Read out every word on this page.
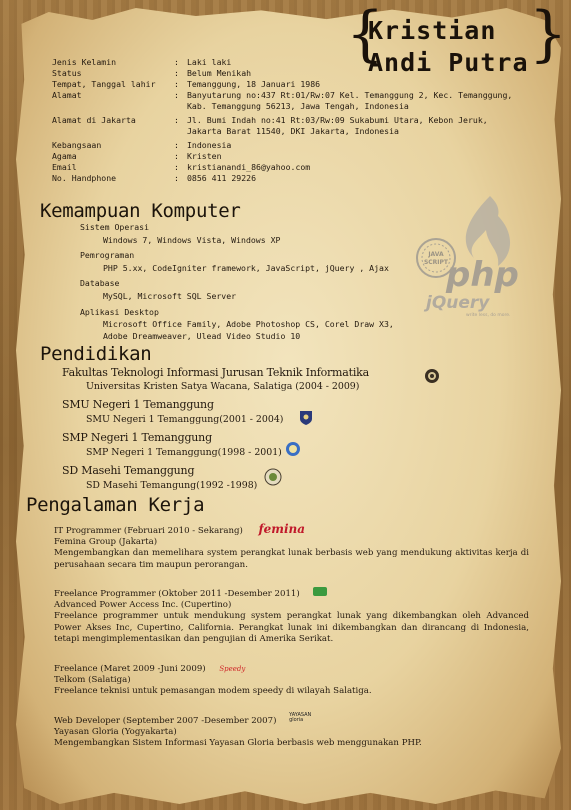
{ }
Kristian
Andi Putra
Jenis Kelamin	: Laki laki
Status	: Belum Menikah
Tempat, Tanggal lahir : Temanggung, 18 Januari 1986
Alamat	: Banyutarung no:437 Rt:01/Rw:07 Kel. Temanggung 2, Kec. Temanggung,
Kab. Temanggung 56213, Jawa Tengah, Indonesia
Alamat di Jakarta	: Jl. Bumi Indah no:41 Rt:03/Rw:09 Sukabumi Utara, Kebon Jeruk,
Jakarta Barat 11540, DKI Jakarta, Indonesia
Kebangsaan	: Indonesia
Agama	: Kristen
Email	: kristianandi_86@yahoo.com
No. Handphone	: 0856 411 29226
Kemampuan Komputer
Sistem Operasi
Windows 7, Windows Vista, Windows XP
Pemrograman
PHP 5.xx, CodeIgniter framework, JavaScript, jQuery , Ajax
Database
MySQL, Microsoft SQL Server
Aplikasi Desktop
Microsoft Office Family, Adobe Photoshop CS, Corel Draw X3,
Adobe Dreamweaver, Ulead Video Studio 10
JAVA
SCRIPT
php
jQuery
write less, do more.
Pendidikan
Fakultas Teknologi Informasi Jurusan Teknik Informatika
Universitas Kristen Satya Wacana, Salatiga (2004 - 2009)
SMU Negeri 1 Temanggung
SMU Negeri 1 Temanggung(2001 - 2004)
SMP Negeri 1 Temanggung
SMP Negeri 1 Temanggung(1998 - 2001)
SD Masehi Temanggung
SD Masehi Temangung(1992 -1998)
Pengalaman Kerja
IT Programmer (Februari 2010 - Sekarang) femina
Femina Group (Jakarta)
Mengembangkan dan memelihara system perangkat lunak berbasis web yang mendukung aktivitas kerja di perusahaan secara tim maupun perorangan.
Freelance Programmer (Oktober 2011 -Desember 2011)
Advanced Power Access Inc. (Cupertino)
Freelance programmer untuk mendukung system perangkat lunak yang dikembangkan oleh Advanced Power Akses Inc, Cupertino, California. Perangkat lunak ini dikembangkan dan dirancang di Indonesia, tetapi mengimplementasikan dan pengujian di Amerika Serikat.
Freelance (Maret 2009 -Juni 2009) Speedy
Telkom (Salatiga)
Freelance teknisi untuk pemasangan modem speedy di wilayah Salatiga.
Web Developer (September 2007 -Desember 2007) YAYASAN gloria
Yayasan Gloria (Yogyakarta)
Mengembangkan Sistem Informasi Yayasan Gloria berbasis web menggunakan PHP.
